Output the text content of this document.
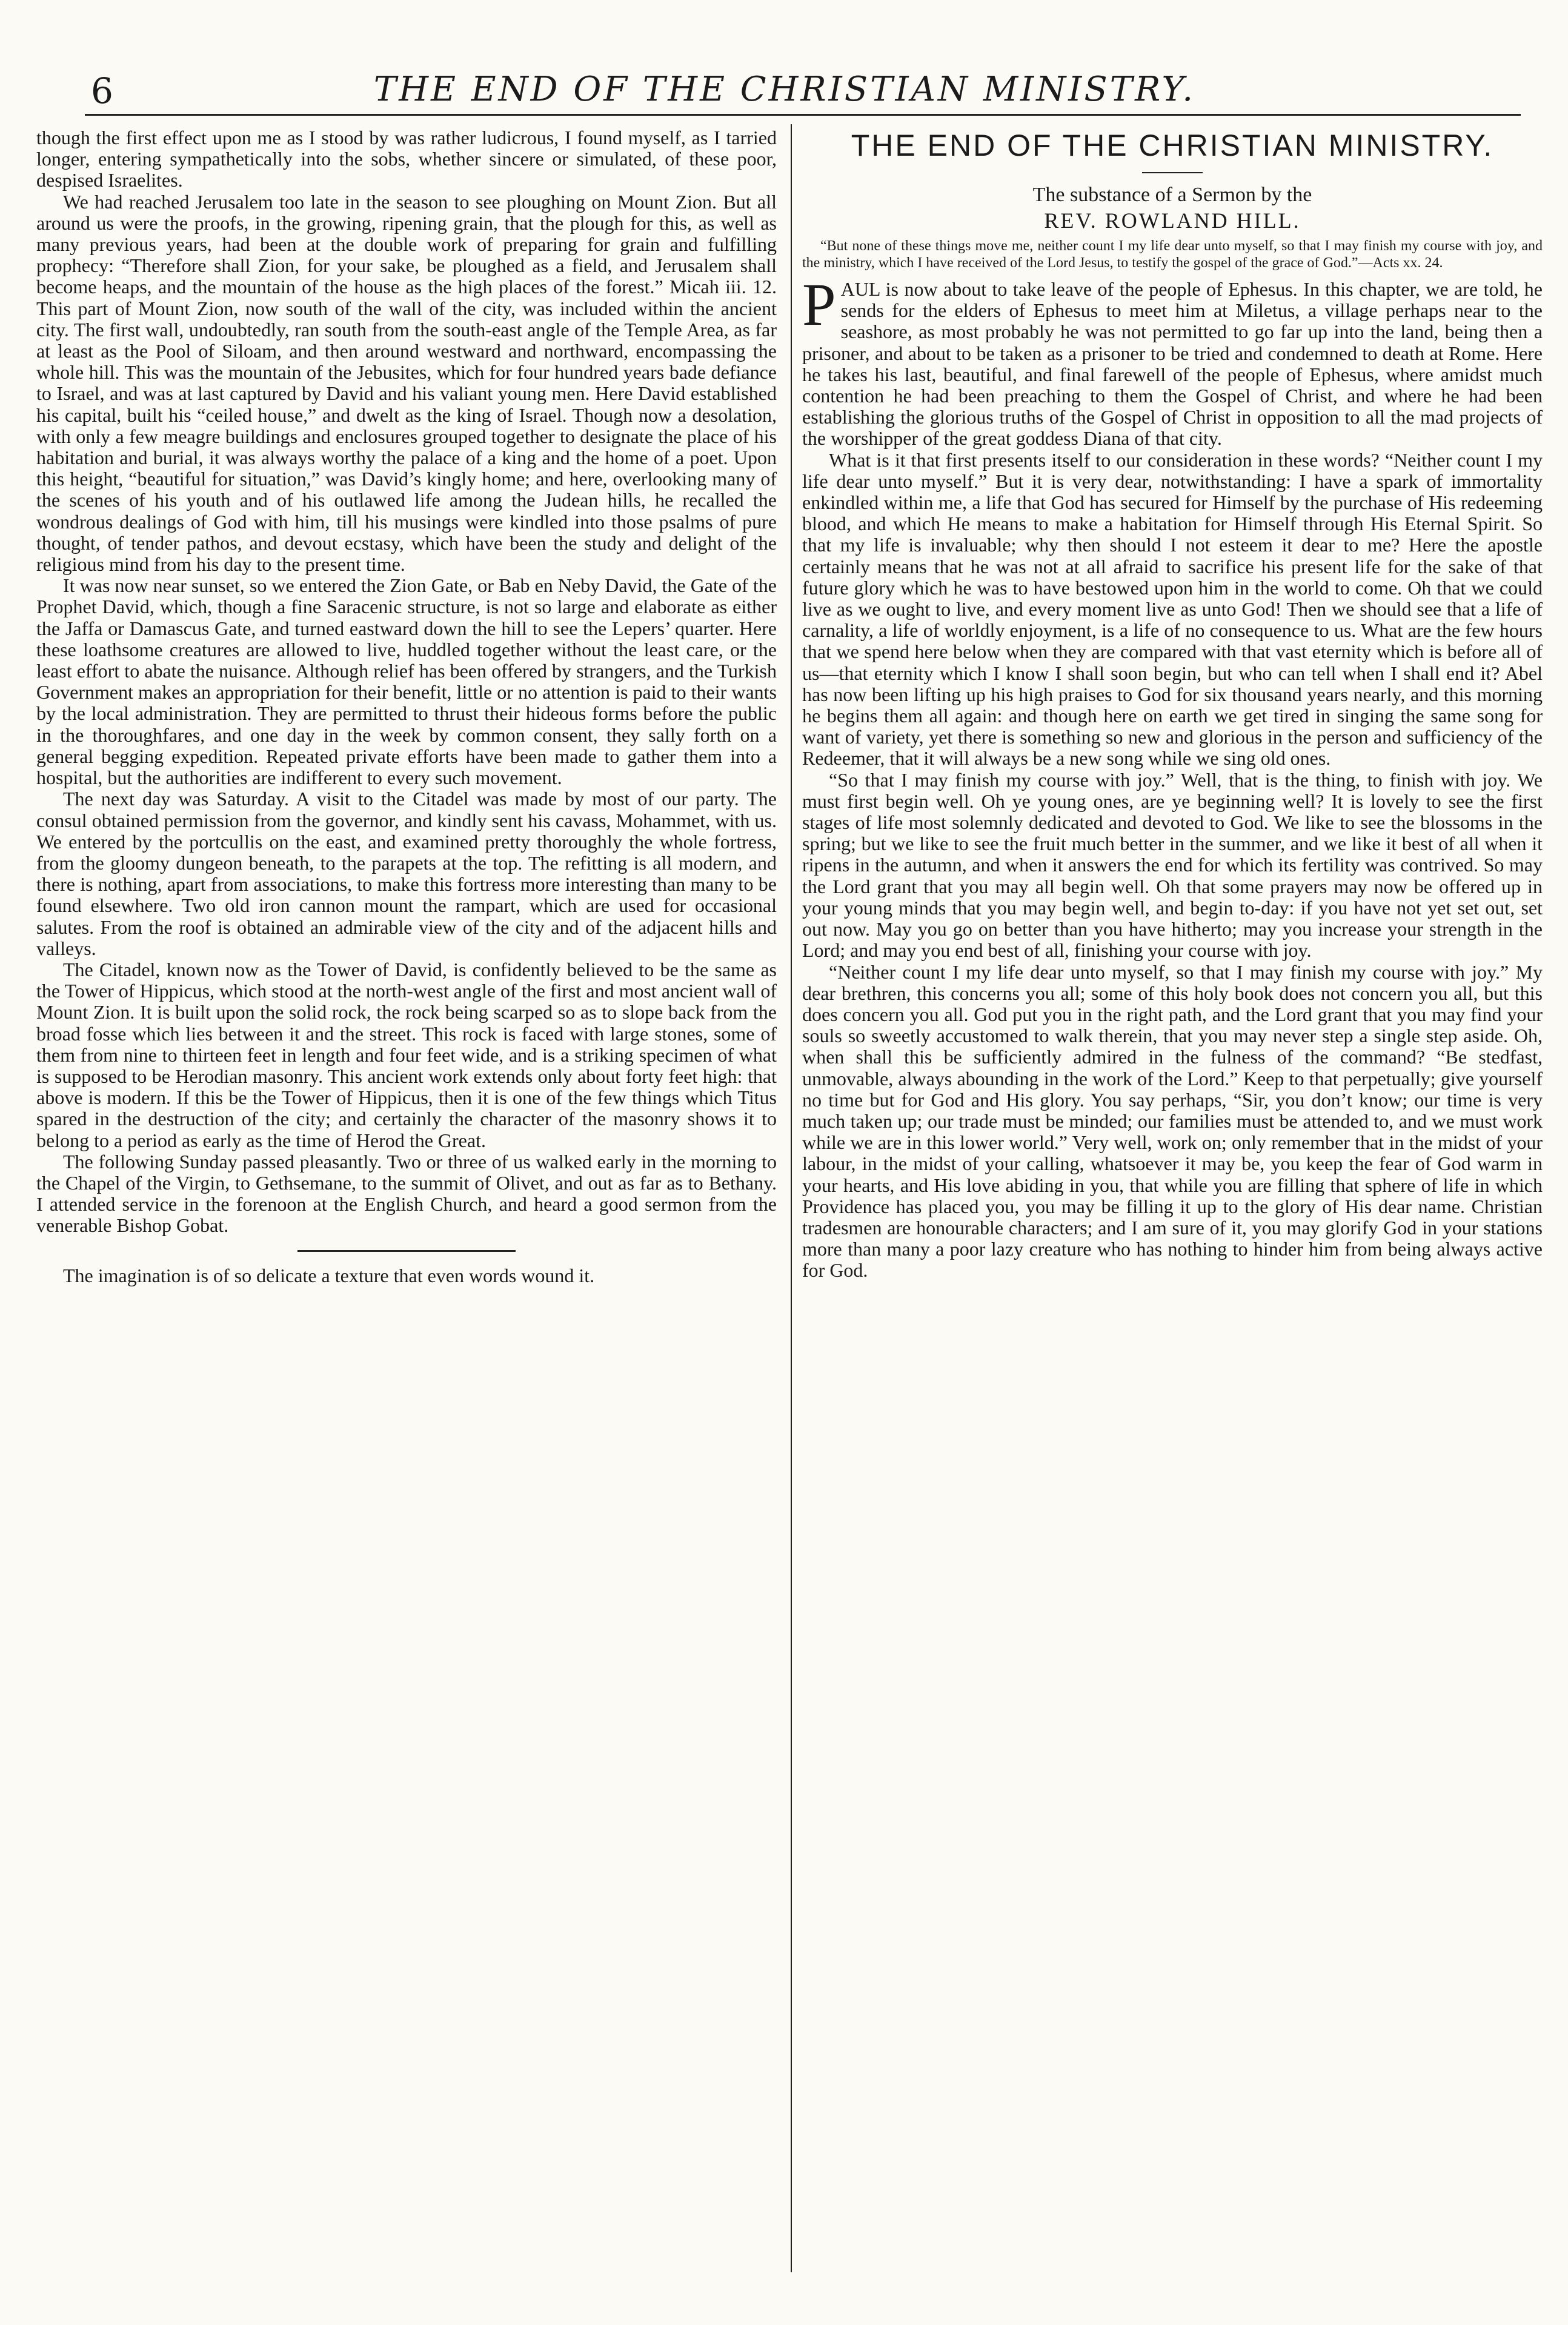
6	THE END OF THE CHRISTIAN MINISTRY.

though the first effect upon me as I stood by was rather ludicrous, I found myself, as I tarried longer, entering sympathetically into the sobs, whether sincere or simulated, of these poor, despised Israelites.

We had reached Jerusalem too late in the season to see ploughing on Mount Zion. But all around us were the proofs, in the growing, ripening grain, that the plough for this, as well as many previous years, had been at the double work of preparing for grain and fulfilling prophecy: “Therefore shall Zion, for your sake, be ploughed as a field, and Jerusalem shall become heaps, and the mountain of the house as the high places of the forest.” Micah iii. 12. This part of Mount Zion, now south of the wall of the city, was included within the ancient city. The first wall, undoubtedly, ran south from the south-east angle of the Temple Area, as far at least as the Pool of Siloam, and then around westward and northward, encompassing the whole hill. This was the mountain of the Jebusites, which for four hundred years bade defiance to Israel, and was at last captured by David and his valiant young men. Here David established his capital, built his “ceiled house,” and dwelt as the king of Israel. Though now a desolation, with only a few meagre buildings and enclosures grouped together to designate the place of his habitation and burial, it was always worthy the palace of a king and the home of a poet. Upon this height, “beautiful for situation,” was David’s kingly home; and here, overlooking many of the scenes of his youth and of his outlawed life among the Judean hills, he recalled the wondrous dealings of God with him, till his musings were kindled into those psalms of pure thought, of tender pathos, and devout ecstasy, which have been the study and delight of the religious mind from his day to the present time.

It was now near sunset, so we entered the Zion Gate, or Bab en Neby David, the Gate of the Prophet David, which, though a fine Saracenic structure, is not so large and elaborate as either the Jaffa or Damascus Gate, and turned eastward down the hill to see the Lepers’ quarter. Here these loathsome creatures are allowed to live, huddled together without the least care, or the least effort to abate the nuisance. Although relief has been offered by strangers, and the Turkish Government makes an appropriation for their benefit, little or no attention is paid to their wants by the local administration. They are permitted to thrust their hideous forms before the public in the thoroughfares, and one day in the week by common consent, they sally forth on a general begging expedition. Repeated private efforts have been made to gather them into a hospital, but the authorities are indifferent to every such movement.

The next day was Saturday. A visit to the Citadel was made by most of our party. The consul obtained permission from the governor, and kindly sent his cavass, Mohammet, with us. We entered by the portcullis on the east, and examined pretty thoroughly the whole fortress, from the gloomy dungeon beneath, to the parapets at the top. The refitting is all modern, and there is nothing, apart from associations, to make this fortress more interesting than many to be found elsewhere. Two old iron cannon mount the rampart, which are used for occasional salutes. From the roof is obtained an admirable view of the city and of the adjacent hills and valleys.

The Citadel, known now as the Tower of David, is confidently believed to be the same as the Tower of Hippicus, which stood at the north-west angle of the first and most ancient wall of Mount Zion. It is built upon the solid rock, the rock being scarped so as to slope back from the broad fosse which lies between it and the street. This rock is faced with large stones, some of them from nine to thirteen feet in length and four feet wide, and is a striking specimen of what is supposed to be Herodian masonry. This ancient work extends only about forty feet high: that above is modern. If this be the Tower of Hippicus, then it is one of the few things which Titus spared in the destruction of the city; and certainly the character of the masonry shows it to belong to a period as early as the time of Herod the Great.

The following Sunday passed pleasantly. Two or three of us walked early in the morning to the Chapel of the Virgin, to Gethsemane, to the summit of Olivet, and out as far as to Bethany. I attended service in the forenoon at the English Church, and heard a good sermon from the venerable Bishop Gobat.

The imagination is of so delicate a texture that even words wound it.

THE END OF THE CHRISTIAN MINISTRY.
The substance of a Sermon by the
REV. ROWLAND HILL.
“But none of these things move me, neither count I my life dear unto myself, so that I may finish my course with joy, and the ministry, which I have received of the Lord Jesus, to testify the gospel of the grace of God.”—Acts xx. 24.

PAUL is now about to take leave of the people of Ephesus. In this chapter, we are told, he sends for the elders of Ephesus to meet him at Miletus, a village perhaps near to the seashore, as most probably he was not permitted to go far up into the land, being then a prisoner, and about to be taken as a prisoner to be tried and condemned to death at Rome. Here he takes his last, beautiful, and final farewell of the people of Ephesus, where amidst much contention he had been preaching to them the Gospel of Christ, and where he had been establishing the glorious truths of the Gospel of Christ in opposition to all the mad projects of the worshipper of the great goddess Diana of that city.

What is it that first presents itself to our consideration in these words? “Neither count I my life dear unto myself.” But it is very dear, notwithstanding: I have a spark of immortality enkindled within me, a life that God has secured for Himself by the purchase of His redeeming blood, and which He means to make a habitation for Himself through His Eternal Spirit. So that my life is invaluable; why then should I not esteem it dear to me? Here the apostle certainly means that he was not at all afraid to sacrifice his present life for the sake of that future glory which he was to have bestowed upon him in the world to come. Oh that we could live as we ought to live, and every moment live as unto God! Then we should see that a life of carnality, a life of worldly enjoyment, is a life of no consequence to us. What are the few hours that we spend here below when they are compared with that vast eternity which is before all of us—that eternity which I know I shall soon begin, but who can tell when I shall end it? Abel has now been lifting up his high praises to God for six thousand years nearly, and this morning he begins them all again: and though here on earth we get tired in singing the same song for want of variety, yet there is something so new and glorious in the person and sufficiency of the Redeemer, that it will always be a new song while we sing old ones.

“So that I may finish my course with joy.” Well, that is the thing, to finish with joy. We must first begin well. Oh ye young ones, are ye beginning well? It is lovely to see the first stages of life most solemnly dedicated and devoted to God. We like to see the blossoms in the spring; but we like to see the fruit much better in the summer, and we like it best of all when it ripens in the autumn, and when it answers the end for which its fertility was contrived. So may the Lord grant that you may all begin well. Oh that some prayers may now be offered up in your young minds that you may begin well, and begin to-day: if you have not yet set out, set out now. May you go on better than you have hitherto; may you increase your strength in the Lord; and may you end best of all, finishing your course with joy.

“Neither count I my life dear unto myself, so that I may finish my course with joy.” My dear brethren, this concerns you all; some of this holy book does not concern you all, but this does concern you all. God put you in the right path, and the Lord grant that you may find your souls so sweetly accustomed to walk therein, that you may never step a single step aside. Oh, when shall this be sufficiently admired in the fulness of the command? “Be stedfast, unmovable, always abounding in the work of the Lord.” Keep to that perpetually; give yourself no time but for God and His glory. You say perhaps, “Sir, you don’t know; our time is very much taken up; our trade must be minded; our families must be attended to, and we must work while we are in this lower world.” Very well, work on; only remember that in the midst of your labour, in the midst of your calling, whatsoever it may be, you keep the fear of God warm in your hearts, and His love abiding in you, that while you are filling that sphere of life in which Providence has placed you, you may be filling it up to the glory of His dear name. Christian tradesmen are honourable characters; and I am sure of it, you may glorify God in your stations more than many a poor lazy creature who has nothing to hinder him from being always active for God.
